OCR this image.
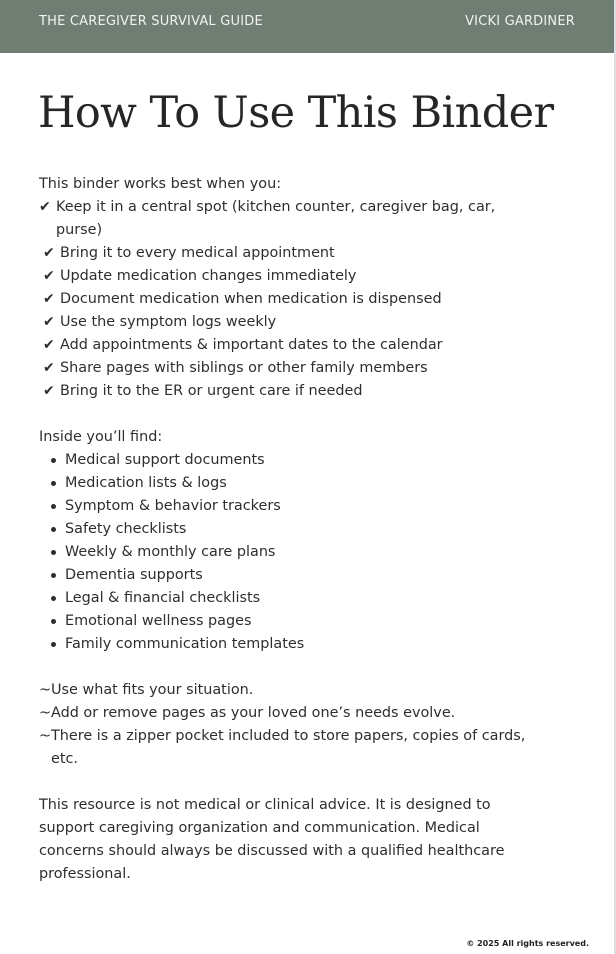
THE CAREGIVER SURVIVAL GUIDE	VICKI GARDINER
How To Use This Binder

This binder works best when you:

✔ Keep it in a central spot (kitchen counter, caregiver bag, car, purse)
✔ Bring it to every medical appointment
✔ Update medication changes immediately
✔ Document medication when medication is dispensed
✔ Use the symptom logs weekly
✔ Add appointments & important dates to the calendar
✔ Share pages with siblings or other family members
✔ Bring it to the ER or urgent care if needed

Inside you’ll find:

Medical support documents
Medication lists & logs
Symptom & behavior trackers
Safety checklists
Weekly & monthly care plans
Dementia supports
Legal & financial checklists
Emotional wellness pages
Family communication templates
~ Use what fits your situation.
~ Add or remove pages as your loved one’s needs evolve.
~ There is a zipper pocket included to store papers, copies of cards, etc.

This resource is not medical or clinical advice. It is designed to support caregiving organization and communication. Medical concerns should always be discussed with a qualified healthcare professional.

© 2025 All rights reserved.
